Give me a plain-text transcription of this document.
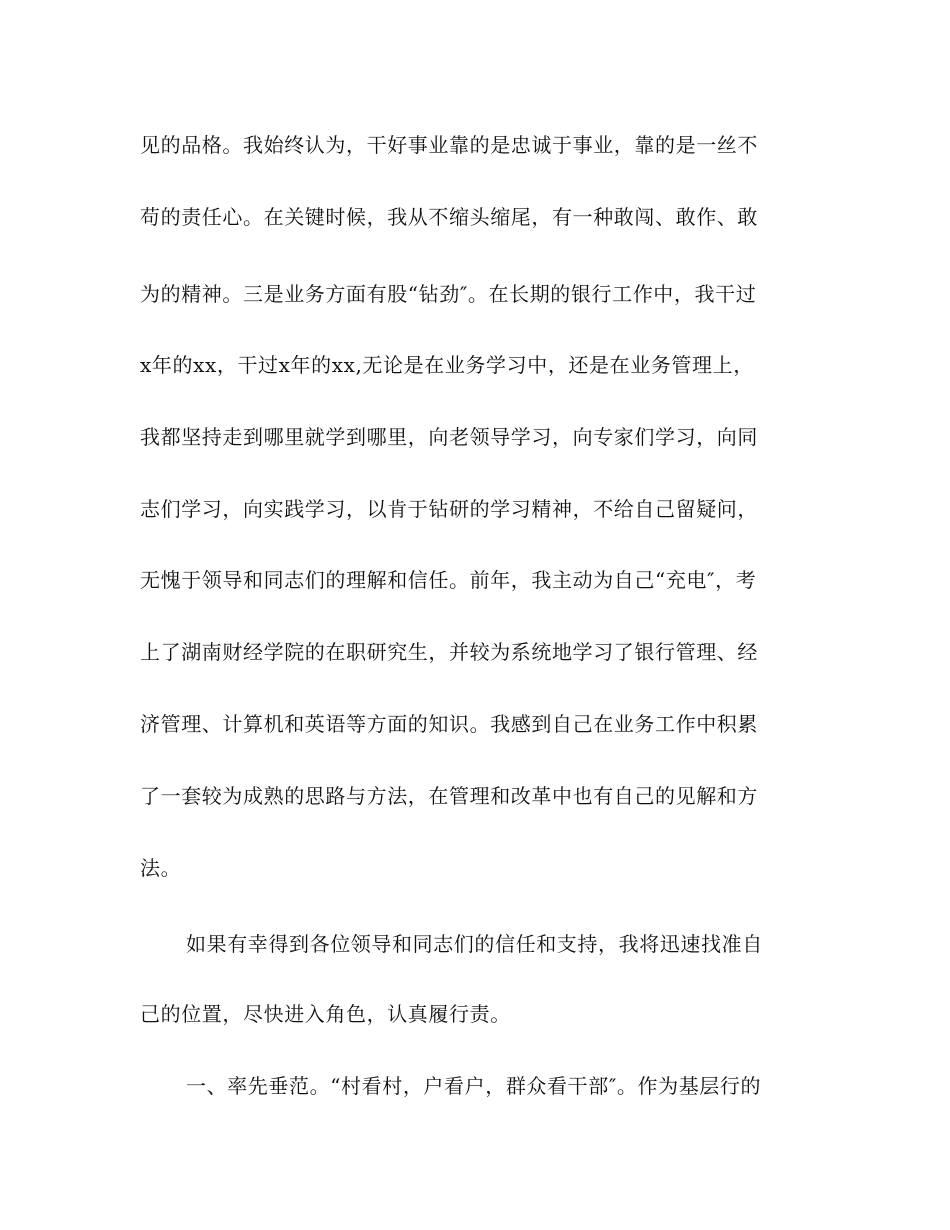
见的品格。我始终认为，干好事业靠的是忠诚于事业，靠的是一丝不
苟的责任心。在关键时候，我从不缩头缩尾，有一种敢闯、敢作、敢
为的精神。三是业务方面有股“钻劲″。在长期的银行工作中，我干过
x年的xx，干过x年的xx,无论是在业务学习中，还是在业务管理上，
我都坚持走到哪里就学到哪里，向老领导学习，向专家们学习，向同
志们学习，向实践学习，以肯于钻研的学习精神，不给自己留疑问，
无愧于领导和同志们的理解和信任。前年，我主动为自己“充电″，考
上了湖南财经学院的在职研究生，并较为系统地学习了银行管理、经
济管理、计算机和英语等方面的知识。我感到自己在业务工作中积累
了一套较为成熟的思路与方法，在管理和改革中也有自己的见解和方
法。
如果有幸得到各位领导和同志们的信任和支持，我将迅速找准自
己的位置，尽快进入角色，认真履行责。
一、率先垂范。“村看村，户看户，群众看干部″。作为基层行的
